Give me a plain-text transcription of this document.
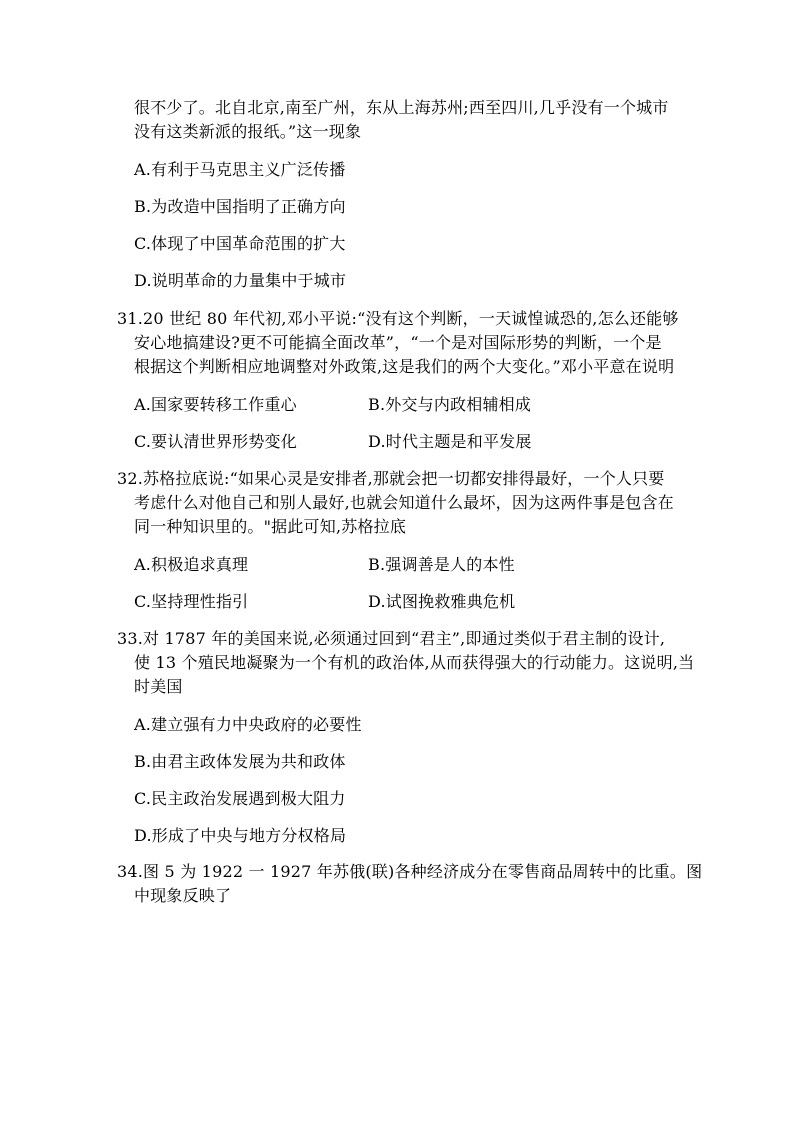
很不少了。北自北京,南至广州，东从上海苏州;西至四川,几乎没有一个城市
没有这类新派的报纸。”这一现象
A.有利于马克思主义广泛传播
B.为改造中国指明了正确方向
C.体现了中国革命范围的扩大
D.说明革命的力量集中于城市
31.20 世纪 80 年代初,邓小平说:“没有这个判断，一天诚惶诚恐的,怎么还能够
安心地搞建设?更不可能搞全面改革”，“一个是对国际形势的判断，一个是
根据这个判断相应地调整对外政策,这是我们的两个大变化。”邓小平意在说明
A.国家要转移工作重心	B.外交与内政相辅相成
C.要认清世界形势变化	D.时代主题是和平发展
32.苏格拉底说:“如果心灵是安排者,那就会把一切都安排得最好，一个人只要
考虑什么对他自己和别人最好,也就会知道什么最坏，因为这两件事是包含在
同一种知识里的。"据此可知,苏格拉底
A.积极追求真理	B.强调善是人的本性
C.坚持理性指引	D.试图挽救雅典危机
33.对 1787 年的美国来说,必须通过回到“君主”,即通过类似于君主制的设计,
使 13 个殖民地凝聚为一个有机的政治体,从而获得强大的行动能力。这说明,当
时美国
A.建立强有力中央政府的必要性
B.由君主政体发展为共和政体
C.民主政治发展遇到极大阻力
D.形成了中央与地方分权格局
34.图 5 为 1922 一 1927 年苏俄(联)各种经济成分在零售商品周转中的比重。图
中现象反映了
